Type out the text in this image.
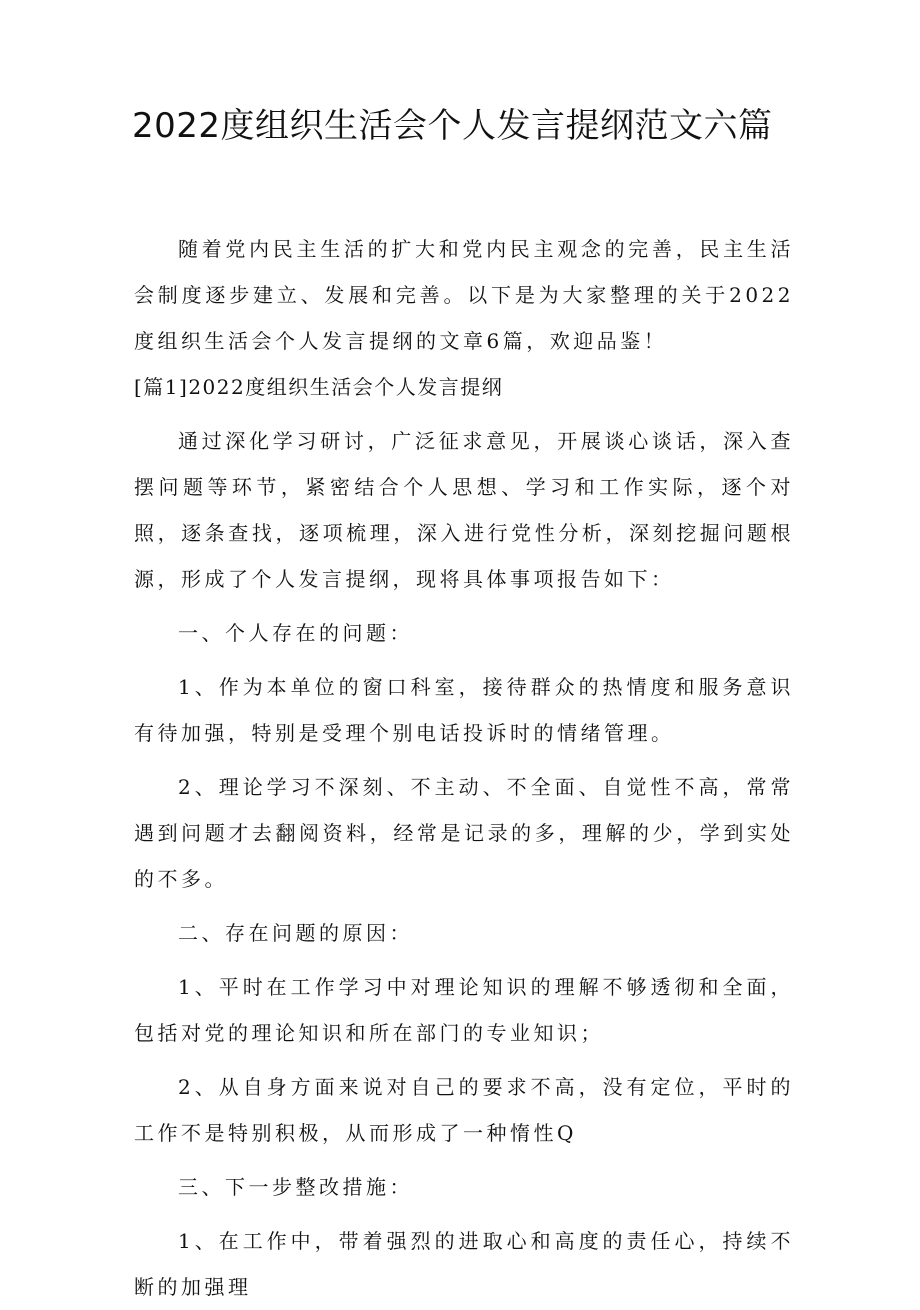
2022度组织生活会个人发言提纲范文六篇

随着党内民主生活的扩大和党内民主观念的完善，民主生活会制度逐步建立、发展和完善。以下是为大家整理的关于2022度组织生活会个人发言提纲的文章6篇，欢迎品鉴！

[篇1]2022度组织生活会个人发言提纲

通过深化学习研讨，广泛征求意见，开展谈心谈话，深入查摆问题等环节，紧密结合个人思想、学习和工作实际，逐个对照，逐条查找，逐项梳理，深入进行党性分析，深刻挖掘问题根源，形成了个人发言提纲，现将具体事项报告如下：

一、个人存在的问题：

1、作为本单位的窗口科室，接待群众的热情度和服务意识有待加强，特别是受理个别电话投诉时的情绪管理。

2、理论学习不深刻、不主动、不全面、自觉性不高，常常遇到问题才去翻阅资料，经常是记录的多，理解的少，学到实处的不多。

二、存在问题的原因：

1、平时在工作学习中对理论知识的理解不够透彻和全面，包括对党的理论知识和所在部门的专业知识；

2、从自身方面来说对自己的要求不高，没有定位，平时的工作不是特别积极，从而形成了一种惰性Q

三、下一步整改措施：

1、在工作中，带着强烈的进取心和高度的责任心，持续不断的加强理
